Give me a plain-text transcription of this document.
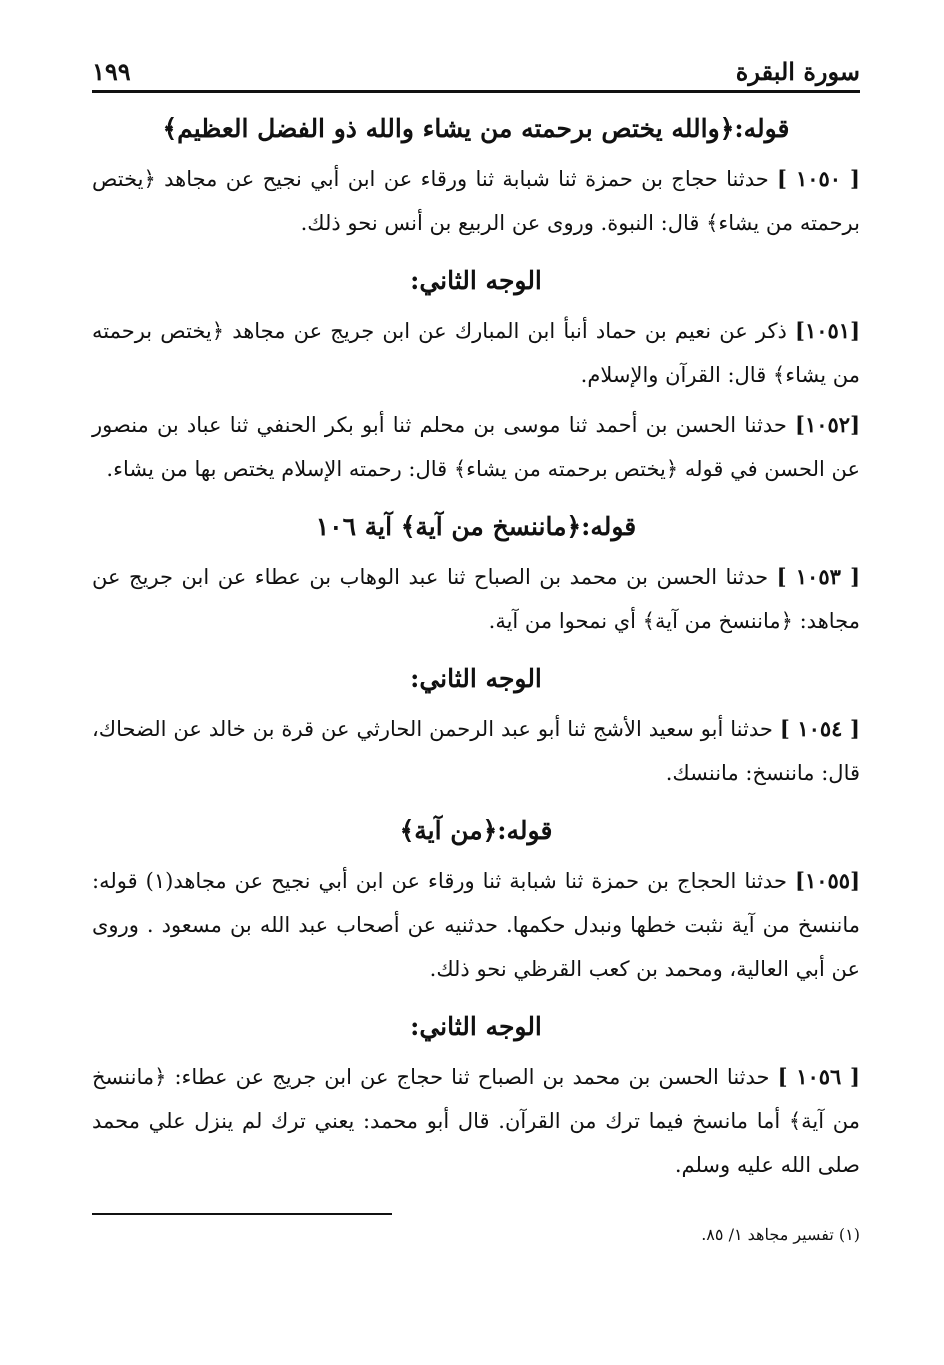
سورة البقرة
١٩٩
قوله:﴿والله يختص برحمته من يشاء والله ذو الفضل العظيم﴾

[ ١٠٥٠ ] حدثنا حجاج بن حمزة ثنا شبابة ثنا ورقاء عن ابن أبي نجيح عن مجاهد ﴿يختص برحمته من يشاء﴾ قال: النبوة. وروى عن الربيع بن أنس نحو ذلك.

الوجه الثاني:

[١٠٥١] ذكر عن نعيم بن حماد أنبأ ابن المبارك عن ابن جريج عن مجاهد ﴿يختص برحمته من يشاء﴾ قال: القرآن والإسلام.

[١٠٥٢] حدثنا الحسن بن أحمد ثنا موسى بن محلم ثنا أبو بكر الحنفي ثنا عباد بن منصور عن الحسن في قوله ﴿يختص برحمته من يشاء﴾ قال: رحمته الإسلام يختص بها من يشاء.

قوله:﴿ماننسخ من آية﴾ آية ١٠٦

[ ١٠٥٣ ] حدثنا الحسن بن محمد بن الصباح ثنا عبد الوهاب بن عطاء عن ابن جريج عن مجاهد: ﴿ماننسخ من آية﴾ أي نمحوا من آية.

الوجه الثاني:

[ ١٠٥٤ ] حدثنا أبو سعيد الأشج ثنا أبو عبد الرحمن الحارثي عن قرة بن خالد عن الضحاك، قال: ماننسخ: ماننسك.

قوله:﴿من آية﴾

[١٠٥٥] حدثنا الحجاج بن حمزة ثنا شبابة ثنا ورقاء عن ابن أبي نجيح عن مجاهد(١) قوله: ماننسخ من آية نثبت خطها ونبدل حكمها. حدثنيه عن أصحاب عبد الله بن مسعود . وروى عن أبي العالية، ومحمد بن كعب القرظي نحو ذلك.

الوجه الثاني:

[ ١٠٥٦ ] حدثنا الحسن بن محمد بن الصباح ثنا حجاج عن ابن جريج عن عطاء: ﴿ماننسخ من آية﴾ أما مانسخ فيما ترك من القرآن. قال أبو محمد: يعني ترك لم ينزل علي محمد صلى الله عليه وسلم.

(١) تفسير مجاهد ١/ ٨٥.
